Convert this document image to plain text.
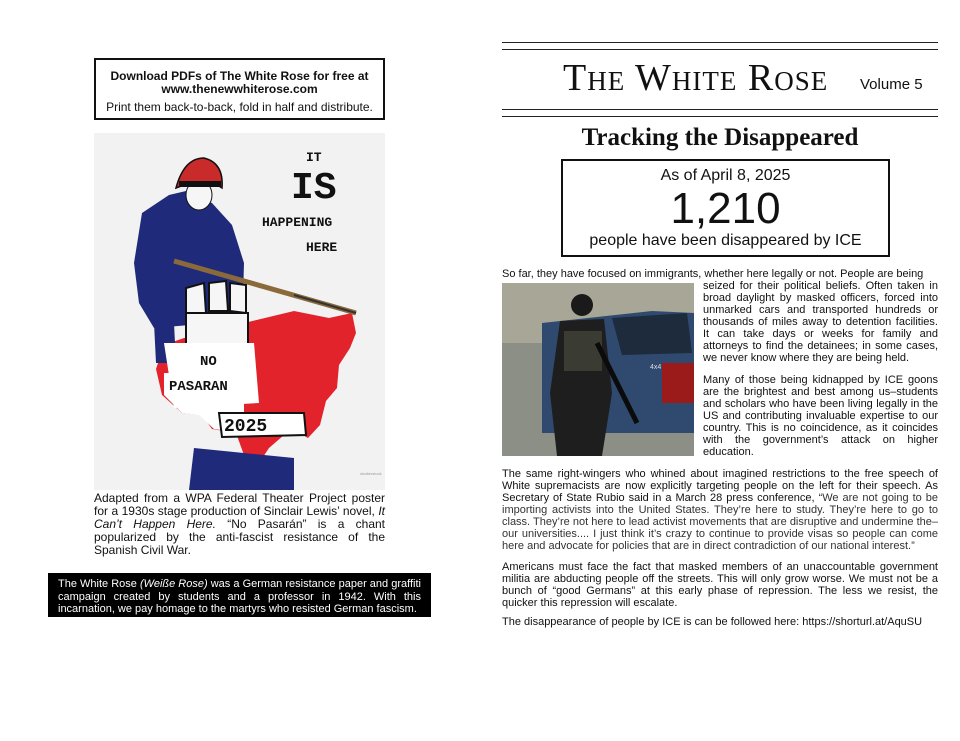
Download PDFs of The White Rose for free at
www.thenewwhiterose.com
Print them back-to-back, fold in half and distribute.
IT
IS
HAPPENING
HERE
NO
PASARAN
2025
shutterstock
Adapted from a WPA Federal Theater Project poster for a 1930s stage production of Sinclair Lewis’ novel, It Can’t Happen Here. “No Pasarán” is a chant popularized by the anti-fascist resistance of the Spanish Civil War.
The White Rose (Weiße Rose) was a German resistance paper and graffiti campaign created by students and a professor in 1942. With this incarnation, we pay homage to the martyrs who resisted German fascism.
The White Rose Volume 5
Tracking the Disappeared
As of April 8, 2025
1,210
people have been disappeared by ICE
So far, they have focused on immigrants, whether here legally or not. People are being
4x4
seized for their political beliefs. Often taken in broad daylight by masked officers, forced into unmarked cars and transported hundreds or thousands of miles away to detention facilities. It can take days or weeks for family and attorneys to find the detainees; in some cases, we never know where they are being held.
Many of those being kidnapped by ICE goons are the brightest and best among us–students and scholars who have been living legally in the US and contributing invaluable expertise to our country. This is no coincidence, as it coincides with the government’s attack on higher education.
The same right-wingers who whined about imagined restrictions to the free speech of White supremacists are now explicitly targeting people on the left for their speech. As Secretary of State Rubio said in a March 28 press conference, “We are not going to be importing activists into the United States. They’re here to study. They’re here to go to class. They’re not here to lead activist movements that are disruptive and undermine the–our universities.... I just think it’s crazy to continue to provide visas so people can come here and advocate for policies that are in direct contradiction of our national interest.”
Americans must face the fact that masked members of an unaccountable government militia are abducting people off the streets. This will only grow worse. We must not be a bunch of “good Germans” at this early phase of repression. The less we resist, the quicker this repression will escalate.
The disappearance of people by ICE is can be followed here: https://shorturl.at/AquSU
